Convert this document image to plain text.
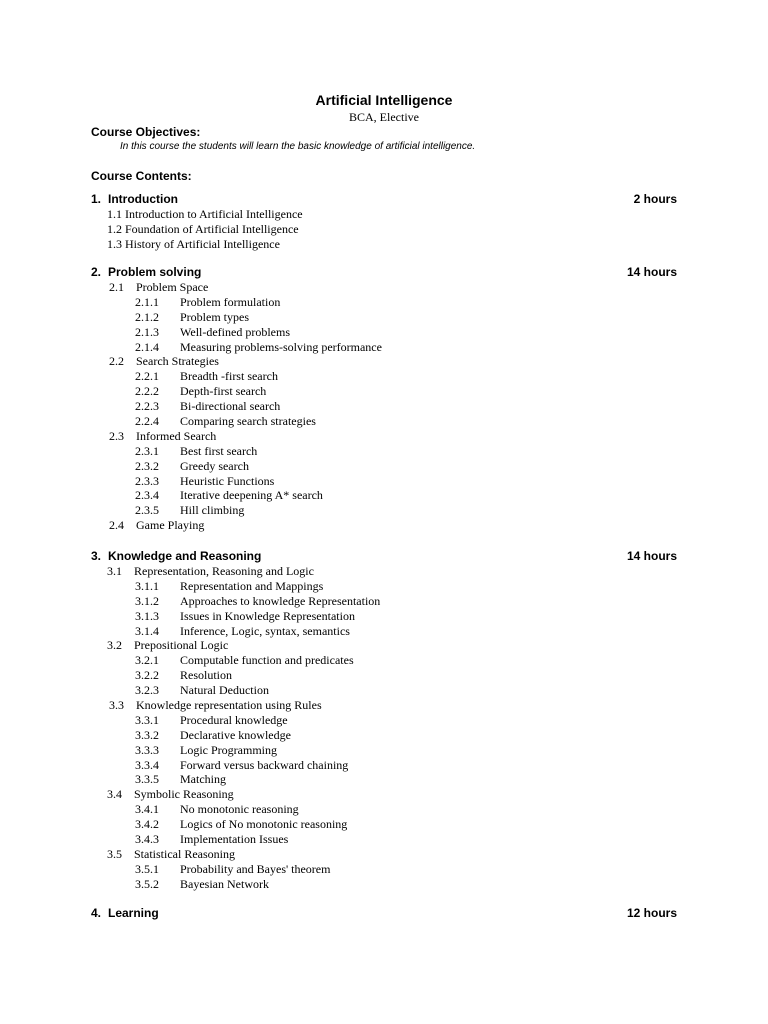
Artificial Intelligence
BCA, Elective
Course Objectives:
In this course the students will learn the basic knowledge of artificial intelligence.
Course Contents:
1. Introduction	2 hours
1.1 Introduction to Artificial Intelligence
1.2 Foundation of Artificial Intelligence
1.3 History of Artificial Intelligence
2. Problem solving	14 hours
2.1 Problem Space
2.1.1 Problem formulation
2.1.2 Problem types
2.1.3 Well-defined problems
2.1.4 Measuring problems-solving performance
2.2 Search Strategies
2.2.1 Breadth -first search
2.2.2 Depth-first search
2.2.3 Bi-directional search
2.2.4 Comparing search strategies
2.3 Informed Search
2.3.1 Best first search
2.3.2 Greedy search
2.3.3 Heuristic Functions
2.3.4 Iterative deepening A* search
2.3.5 Hill climbing
2.4 Game Playing
3. Knowledge and Reasoning	14 hours
3.1 Representation, Reasoning and Logic
3.1.1 Representation and Mappings
3.1.2 Approaches to knowledge Representation
3.1.3 Issues in Knowledge Representation
3.1.4 Inference, Logic, syntax, semantics
3.2 Prepositional Logic
3.2.1 Computable function and predicates
3.2.2 Resolution
3.2.3 Natural Deduction
3.3 Knowledge representation using Rules
3.3.1 Procedural knowledge
3.3.2 Declarative knowledge
3.3.3 Logic Programming
3.3.4 Forward versus backward chaining
3.3.5 Matching
3.4 Symbolic Reasoning
3.4.1 No monotonic reasoning
3.4.2 Logics of No monotonic reasoning
3.4.3 Implementation Issues
3.5 Statistical Reasoning
3.5.1 Probability and Bayes' theorem
3.5.2 Bayesian Network
4. Learning	12 hours
